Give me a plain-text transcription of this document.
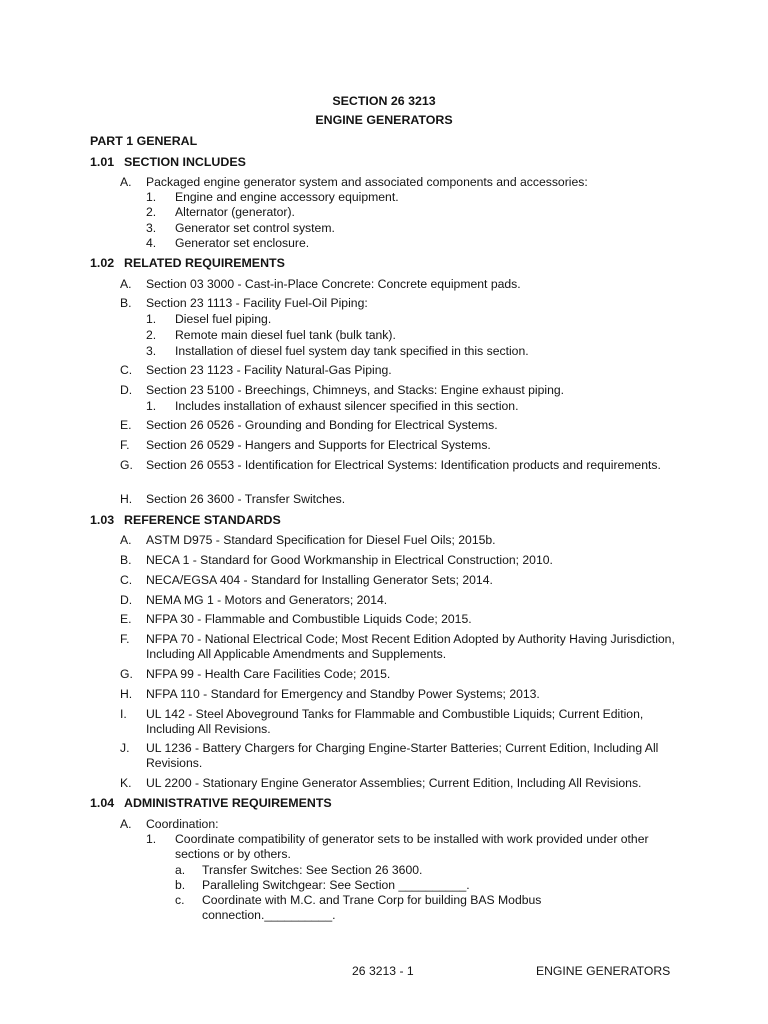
SECTION 26 3213
ENGINE GENERATORS
PART 1 GENERAL
1.01 SECTION INCLUDES
A. Packaged engine generator system and associated components and accessories:
1. Engine and engine accessory equipment.
2. Alternator (generator).
3. Generator set control system.
4. Generator set enclosure.
1.02 RELATED REQUIREMENTS
A. Section 03 3000 - Cast-in-Place Concrete: Concrete equipment pads.
B. Section 23 1113 - Facility Fuel-Oil Piping:
1. Diesel fuel piping.
2. Remote main diesel fuel tank (bulk tank).
3. Installation of diesel fuel system day tank specified in this section.
C. Section 23 1123 - Facility Natural-Gas Piping.
D. Section 23 5100 - Breechings, Chimneys, and Stacks: Engine exhaust piping.
1. Includes installation of exhaust silencer specified in this section.
E. Section 26 0526 - Grounding and Bonding for Electrical Systems.
F. Section 26 0529 - Hangers and Supports for Electrical Systems.
G. Section 26 0553 - Identification for Electrical Systems: Identification products and requirements.
H. Section 26 3600 - Transfer Switches.
1.03 REFERENCE STANDARDS
A. ASTM D975 - Standard Specification for Diesel Fuel Oils; 2015b.
B. NECA 1 - Standard for Good Workmanship in Electrical Construction; 2010.
C. NECA/EGSA 404 - Standard for Installing Generator Sets; 2014.
D. NEMA MG 1 - Motors and Generators; 2014.
E. NFPA 30 - Flammable and Combustible Liquids Code; 2015.
F. NFPA 70 - National Electrical Code; Most Recent Edition Adopted by Authority Having Jurisdiction, Including All Applicable Amendments and Supplements.
G. NFPA 99 - Health Care Facilities Code; 2015.
H. NFPA 110 - Standard for Emergency and Standby Power Systems; 2013.
I. UL 142 - Steel Aboveground Tanks for Flammable and Combustible Liquids; Current Edition, Including All Revisions.
J. UL 1236 - Battery Chargers for Charging Engine-Starter Batteries; Current Edition, Including All Revisions.
K. UL 2200 - Stationary Engine Generator Assemblies; Current Edition, Including All Revisions.
1.04 ADMINISTRATIVE REQUIREMENTS
A. Coordination:
1. Coordinate compatibility of generator sets to be installed with work provided under other sections or by others.
a. Transfer Switches: See Section 26 3600.
b. Paralleling Switchgear: See Section __________.
c. Coordinate with M.C. and Trane Corp for building BAS Modbus connection.__________.
26 3213 - 1	ENGINE GENERATORS
